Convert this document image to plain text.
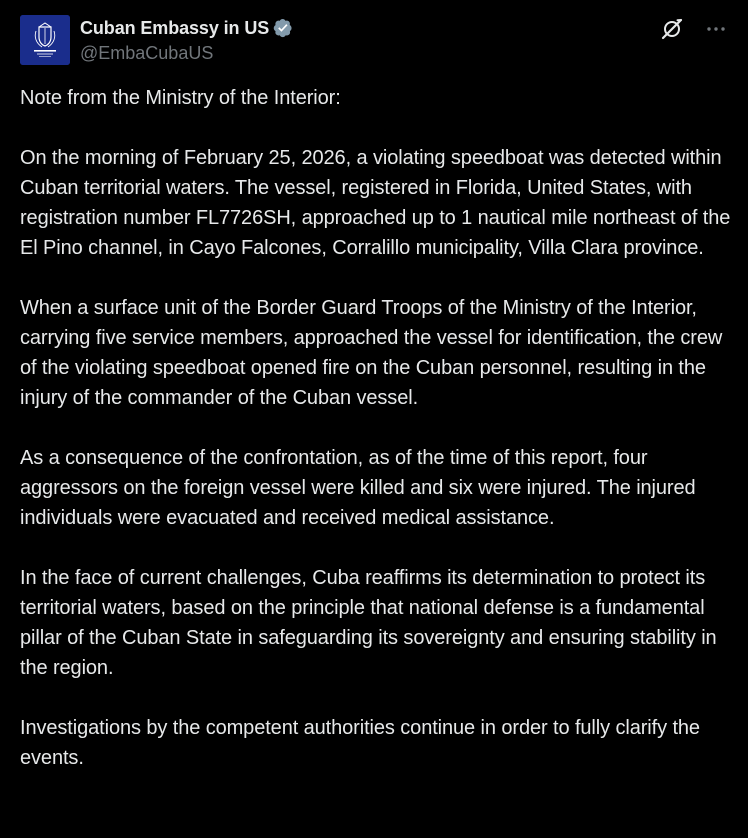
Cuban Embassy in US
@EmbaCubaUS

Note from the Ministry of the Interior:

On the morning of February 25, 2026, a violating speedboat was detected within Cuban territorial waters. The vessel, registered in Florida, United States, with registration number FL7726SH, approached up to 1 nautical mile northeast of the El Pino channel, in Cayo Falcones, Corralillo municipality, Villa Clara province.

When a surface unit of the Border Guard Troops of the Ministry of the Interior, carrying five service members, approached the vessel for identification, the crew of the violating speedboat opened fire on the Cuban personnel, resulting in the injury of the commander of the Cuban vessel.

As a consequence of the confrontation, as of the time of this report, four aggressors on the foreign vessel were killed and six were injured. The injured individuals were evacuated and received medical assistance.

In the face of current challenges, Cuba reaffirms its determination to protect its territorial waters, based on the principle that national defense is a fundamental pillar of the Cuban State in safeguarding its sovereignty and ensuring stability in the region.

Investigations by the competent authorities continue in order to fully clarify the events.
